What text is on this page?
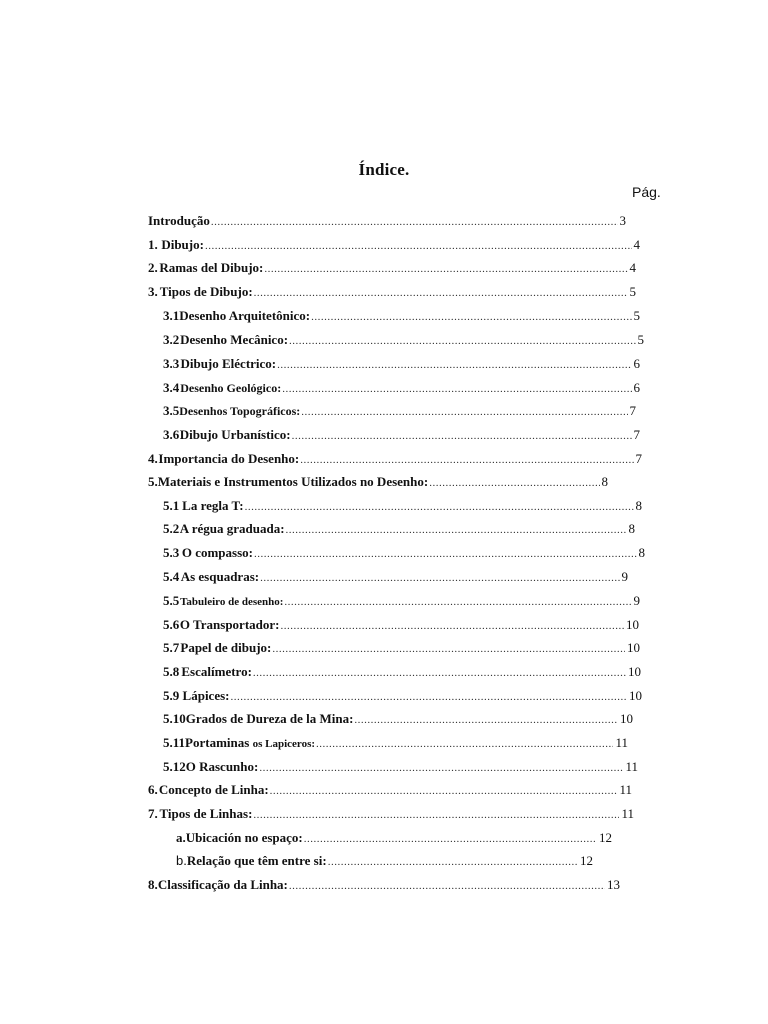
Índice.
Pág.
Introdução .....	3
1. Dibujo: .....	4
2. Ramas del Dibujo: .....	4
3. Tipos de Dibujo: .....	5
3.1 Desenho Arquitetônico: .....	5
3.2 Desenho Mecânico: .....	5
3.3 Dibujo Eléctrico: .....	6
3.4 Desenho Geológico: .....	6
3.5 Desenhos Topográficos: .....	7
3.6 Dibujo Urbanístico: .....	7
4. Importancia do Desenho: .....	7
5. Materiais e Instrumentos Utilizados no Desenho: .....	8
5.1 La regla T: .....	8
5.2 A régua graduada: .....	8
5.3 O compasso: .....	8
5.4 As esquadras: .....	9
5.5 Tabuleiro de desenho: .....	9
5.6 O Transportador: .....	10
5.7 Papel de dibujo: .....	10
5.8 Escalímetro: .....	10
5.9 Lápices: .....	10
5.10 Grados de Dureza de la Mina: .....	10
5.11 Portaminas os Lapiceros: .....	11
5.12 O Rascunho: .....	11
6. Concepto de Linha: .....	11
7. Tipos de Linhas: .....	11
a. Ubicación no espaço: .....	12
b. Relação que têm entre si: .....	12
8. Classificação da Linha: .....	13
